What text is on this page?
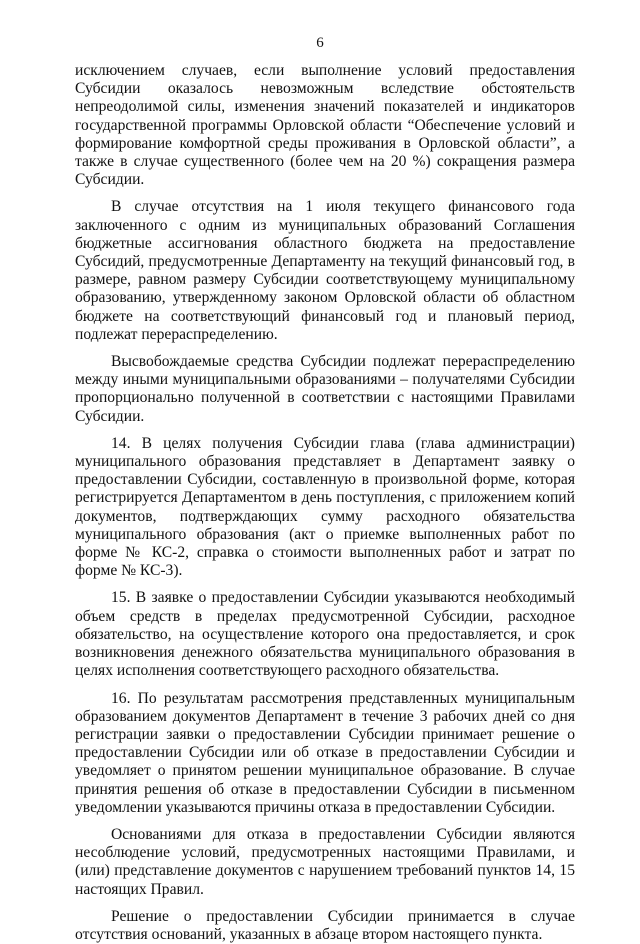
6

исключением случаев, если выполнение условий предоставления Субсидии оказалось невозможным вследствие обстоятельств непреодолимой силы, изменения значений показателей и индикаторов государственной программы Орловской области “Обеспечение условий и формирование комфортной среды проживания в Орловской области”, а также в случае существенного (более чем на 20 %) сокращения размера Субсидии.

В случае отсутствия на 1 июля текущего финансового года заключенного с одним из муниципальных образований Соглашения бюджетные ассигнования областного бюджета на предоставление Субсидий, предусмотренные Департаменту на текущий финансовый год, в размере, равном размеру Субсидии соответствующему муниципальному образованию, утвержденному законом Орловской области об областном бюджете на соответствующий финансовый год и плановый период, подлежат перераспределению.

Высвобождаемые средства Субсидии подлежат перераспределению между иными муниципальными образованиями – получателями Субсидии пропорционально полученной в соответствии с настоящими Правилами Субсидии.

14. В целях получения Субсидии глава (глава администрации) муниципального образования представляет в Департамент заявку о предоставлении Субсидии, составленную в произвольной форме, которая регистрируется Департаментом в день поступления, с приложением копий документов, подтверждающих сумму расходного обязательства муниципального образования (акт о приемке выполненных работ по форме № КС-2, справка о стоимости выполненных работ и затрат по форме № КС-3).

15. В заявке о предоставлении Субсидии указываются необходимый объем средств в пределах предусмотренной Субсидии, расходное обязательство, на осуществление которого она предоставляется, и срок возникновения денежного обязательства муниципального образования в целях исполнения соответствующего расходного обязательства.

16. По результатам рассмотрения представленных муниципальным образованием документов Департамент в течение 3 рабочих дней со дня регистрации заявки о предоставлении Субсидии принимает решение о предоставлении Субсидии или об отказе в предоставлении Субсидии и уведомляет о принятом решении муниципальное образование. В случае принятия решения об отказе в предоставлении Субсидии в письменном уведомлении указываются причины отказа в предоставлении Субсидии.

Основаниями для отказа в предоставлении Субсидии являются несоблюдение условий, предусмотренных настоящими Правилами, и (или) представление документов с нарушением требований пунктов 14, 15 настоящих Правил.

Решение о предоставлении Субсидии принимается в случае отсутствия оснований, указанных в абзаце втором настоящего пункта.
